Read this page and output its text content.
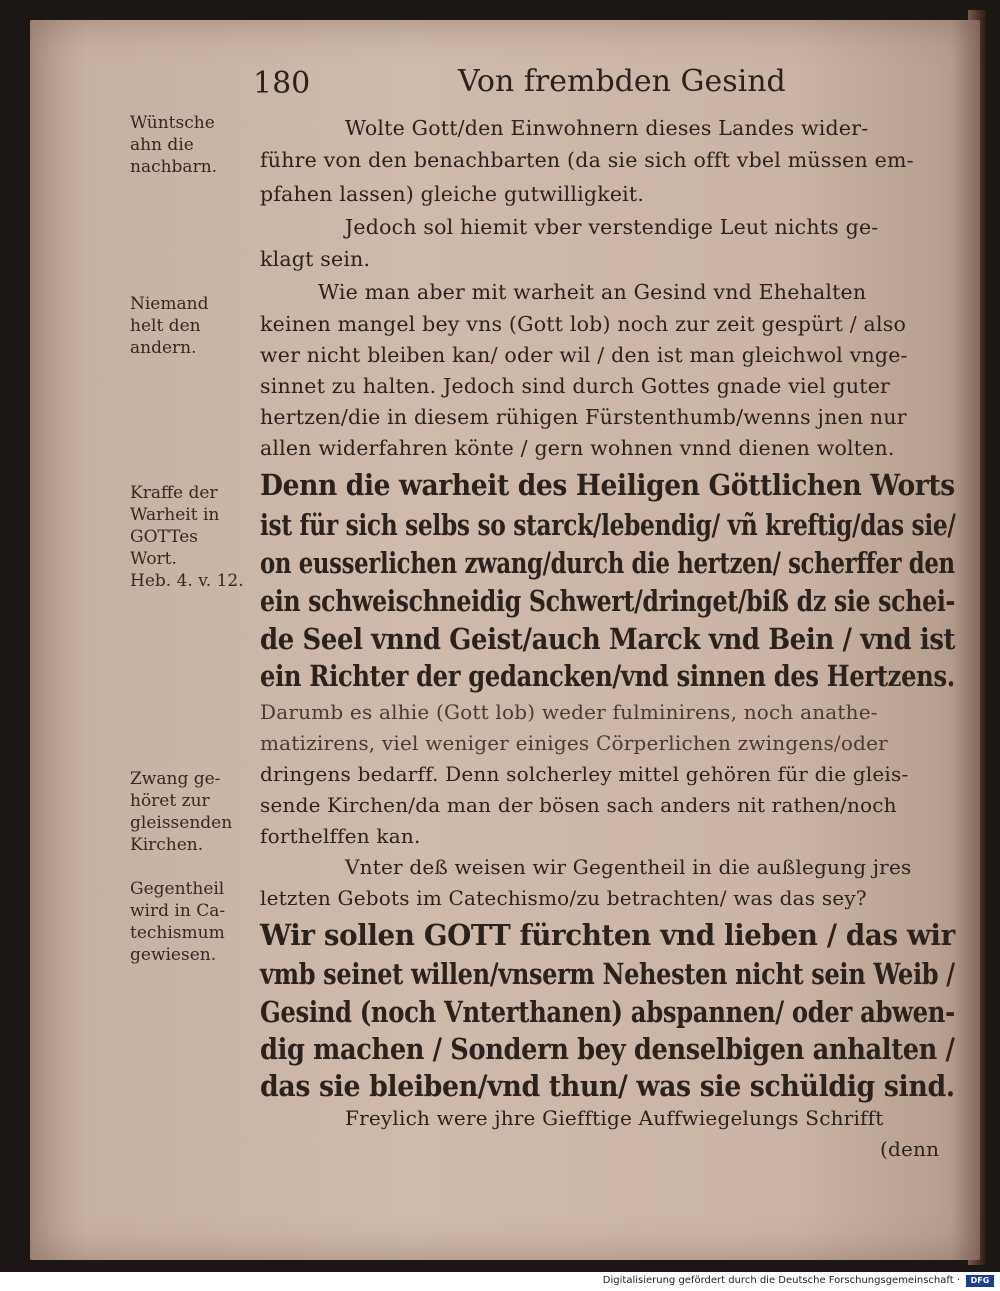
180	Von frembden Gesind
Wüntsche
ahn die
nachbarn.
Niemand
helt den
andern.
Kraffe der
Warheit in
GOTTes
Wort.
Heb. 4. v. 12.
Zwang ge-
höret zur
gleissenden
Kirchen.
Gegentheil
wird in Ca-
techismum
gewiesen.
Wolte Gott/den Einwohnern dieses Landes wider-
führe von den benachbarten (da sie sich offt vbel müssen em-
pfahen lassen) gleiche gutwilligkeit.
Jedoch sol hiemit vber verstendige Leut nichts ge-
klagt sein.
Wie man aber mit warheit an Gesind vnd Ehehalten
keinen mangel bey vns (Gott lob) noch zur zeit gespürt / also
wer nicht bleiben kan/ oder wil / den ist man gleichwol vnge-
sinnet zu halten. Jedoch sind durch Gottes gnade viel guter
hertzen/die in diesem rühigen Fürstenthumb/wenns jnen nur
allen widerfahren könte / gern wohnen vnnd dienen wolten.
Denn die warheit des Heiligen Göttlichen Worts
ist für sich selbs so starck/lebendig/ vñ kreftig/das sie/
on eusserlichen zwang/durch die hertzen/ scherffer den
ein schweischneidig Schwert/dringet/biß dz sie schei-
de Seel vnnd Geist/auch Marck vnd Bein / vnd ist
ein Richter der gedancken/vnd sinnen des Hertzens.
Darumb es alhie (Gott lob) weder fulminirens, noch anathe-
matizirens, viel weniger einiges Cörperlichen zwingens/oder
dringens bedarff. Denn solcherley mittel gehören für die gleis-
sende Kirchen/da man der bösen sach anders nit rathen/noch
forthelffen kan.
Vnter deß weisen wir Gegentheil in die außlegung jres
letzten Gebots im Catechismo/zu betrachten/ was das sey?
Wir sollen GOTT fürchten vnd lieben / das wir
vmb seinet willen/vnserm Nehesten nicht sein Weib /
Gesind (noch Vnterthanen) abspannen/ oder abwen-
dig machen / Sondern bey denselbigen anhalten /
das sie bleiben/vnd thun/ was sie schüldig sind.
Freylich were jhre Giefftige Auffwiegelungs Schrifft
(denn
Digitalisierung gefördert durch die Deutsche Forschungsgemeinschaft ·	DFG
